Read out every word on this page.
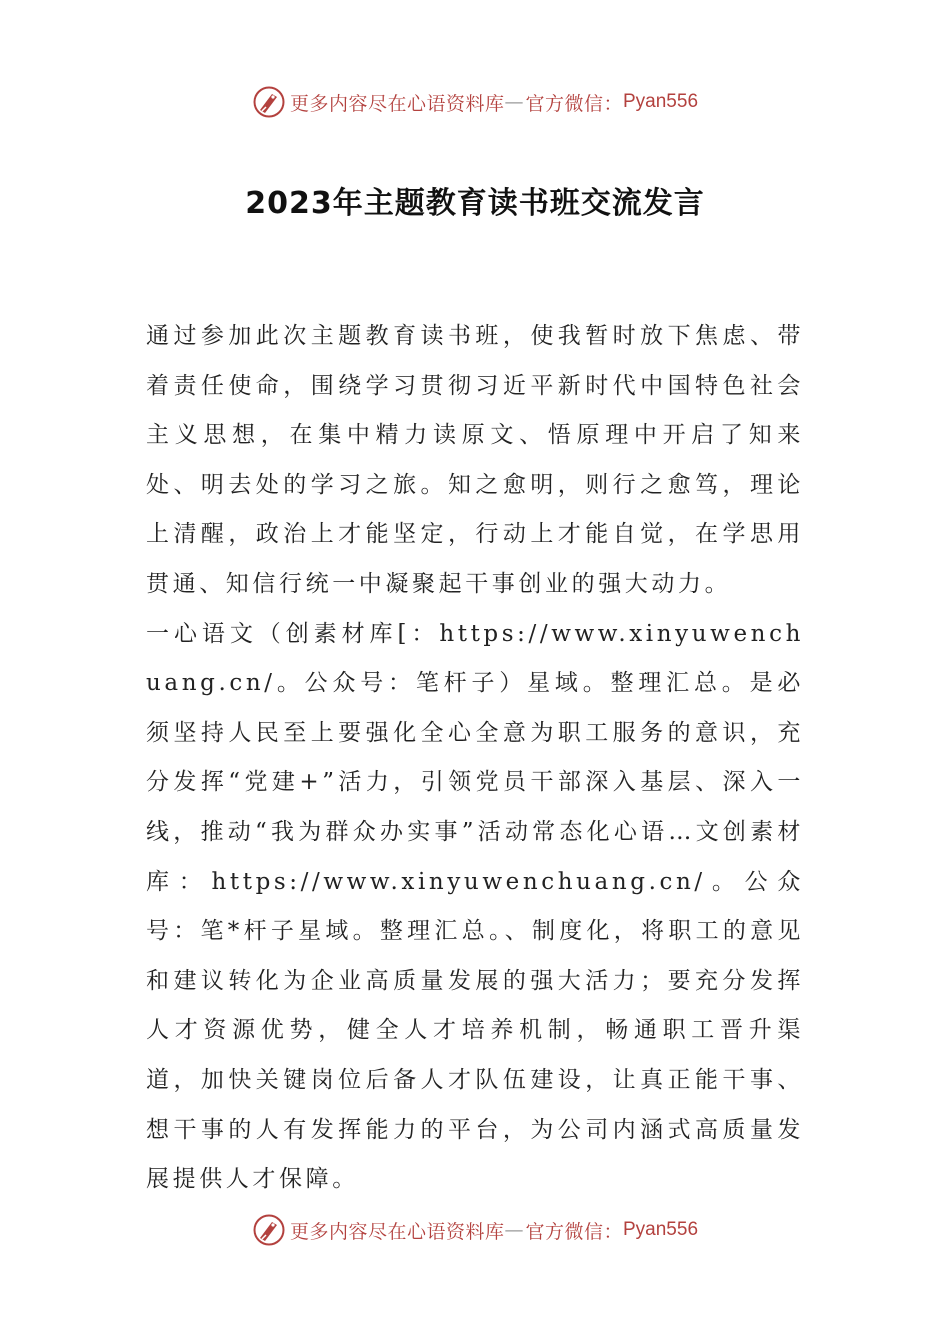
更多内容尽在心语资料库 — 官方微信： Pyan556
2023年主题教育读书班交流发言

通过参加此次主题教育读书班，使我暂时放下焦虑、带着责任使命，围绕学习贯彻习近平新时代中国特色社会主义思想，在集中精力读原文、悟原理中开启了知来处、明去处的学习之旅。知之愈明，则行之愈笃，理论上清醒，政治上才能坚定，行动上才能自觉，在学思用贯通、知信行统一中凝聚起干事创业的强大动力。

一心语文（创素材库[：https://www.xinyuwenchuang.cn/。公众号：笔杆子）星域。整理汇总。是必须坚持人民至上要强化全心全意为职工服务的意识，充分发挥“党建+”活力，引领党员干部深入基层、深入一线，推动“我为群众办实事”活动常态化心语…文创素材库：https://www.xinyuwenchuang.cn/。公众号：笔*杆子星域。整理汇总。、制度化，将职工的意见和建议转化为企业高质量发展的强大活力；要充分发挥人才资源优势，健全人才培养机制，畅通职工晋升渠道，加快关键岗位后备人才队伍建设，让真正能干事、想干事的人有发挥能力的平台，为公司内涵式高质量发展提供人才保障。

更多内容尽在心语资料库 — 官方微信： Pyan556
